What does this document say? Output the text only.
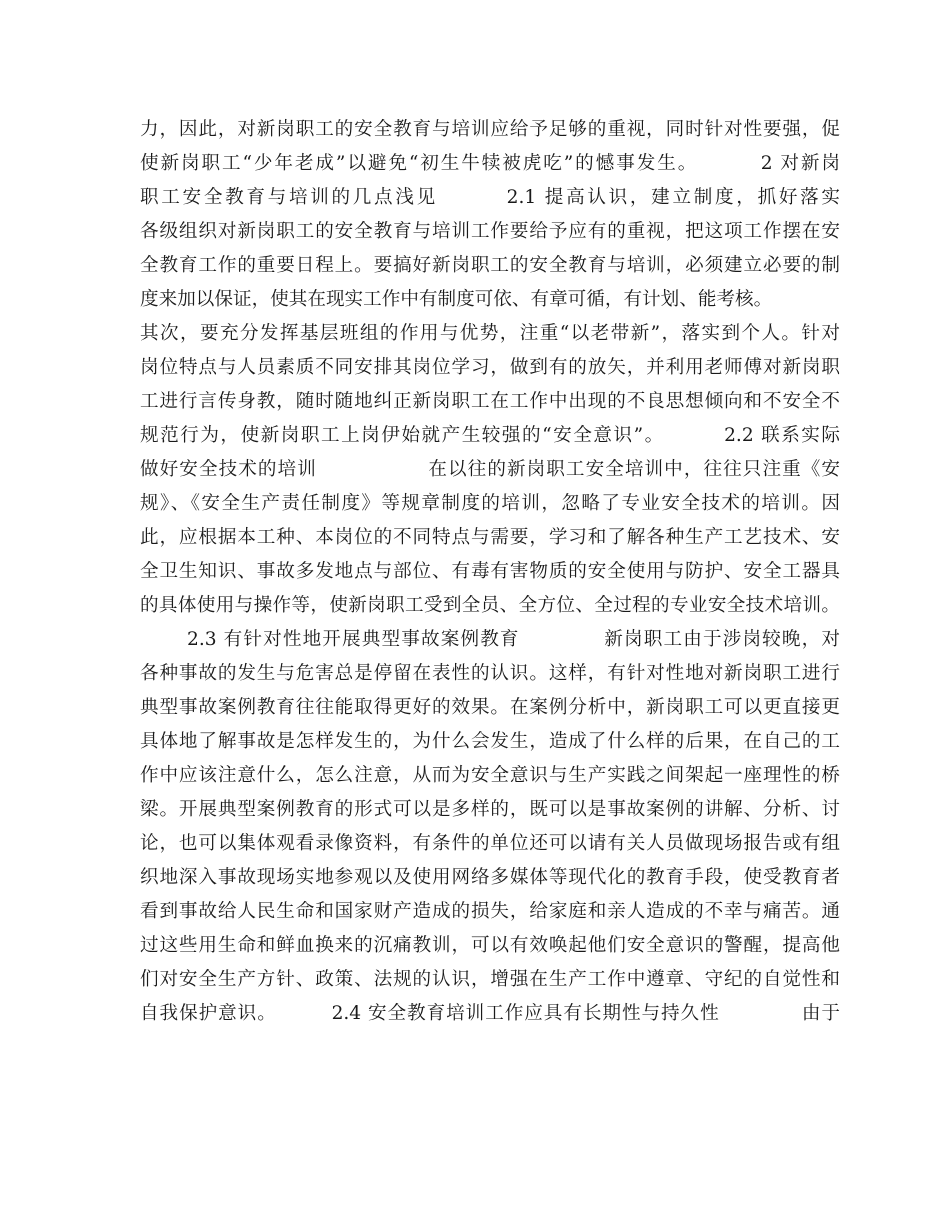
力，因此，对新岗职工的安全教育与培训应给予足够的重视，同时针对性要强，促
使新岗职工“少年老成”以避免“初生牛犊被虎吃”的憾事发生。        2 对新岗
职工安全教育与培训的几点浅见        2.1 提高认识，建立制度，抓好落实
各级组织对新岗职工的安全教育与培训工作要给予应有的重视，把这项工作摆在安
全教育工作的重要日程上。要搞好新岗职工的安全教育与培训，必须建立必要的制
度来加以保证，使其在现实工作中有制度可依、有章可循，有计划、能考核。
其次，要充分发挥基层班组的作用与优势，注重“以老带新”，落实到个人。针对
岗位特点与人员素质不同安排其岗位学习，做到有的放矢，并利用老师傅对新岗职
工进行言传身教，随时随地纠正新岗职工在工作中出现的不良思想倾向和不安全不
规范行为，使新岗职工上岗伊始就产生较强的“安全意识”。        2.2 联系实际
做好安全技术的培训                在以往的新岗职工安全培训中，往往只注重《安
规》、《安全生产责任制度》等规章制度的培训，忽略了专业安全技术的培训。因
此，应根据本工种、本岗位的不同特点与需要，学习和了解各种生产工艺技术、安
全卫生知识、事故多发地点与部位、有毒有害物质的安全使用与防护、安全工器具
的具体使用与操作等，使新岗职工受到全员、全方位、全过程的专业安全技术培训。
2.3 有针对性地开展典型事故案例教育            新岗职工由于涉岗较晚，对
各种事故的发生与危害总是停留在表性的认识。这样，有针对性地对新岗职工进行
典型事故案例教育往往能取得更好的效果。在案例分析中，新岗职工可以更直接更
具体地了解事故是怎样发生的，为什么会发生，造成了什么样的后果，在自己的工
作中应该注意什么，怎么注意，从而为安全意识与生产实践之间架起一座理性的桥
梁。开展典型案例教育的形式可以是多样的，既可以是事故案例的讲解、分析、讨
论，也可以集体观看录像资料，有条件的单位还可以请有关人员做现场报告或有组
织地深入事故现场实地参观以及使用网络多媒体等现代化的教育手段，使受教育者
看到事故给人民生命和国家财产造成的损失，给家庭和亲人造成的不幸与痛苦。通
过这些用生命和鲜血换来的沉痛教训，可以有效唤起他们安全意识的警醒，提高他
们对安全生产方针、政策、法规的认识，增强在生产工作中遵章、守纪的自觉性和
自我保护意识。        2.4 安全教育培训工作应具有长期性与持久性            由于
